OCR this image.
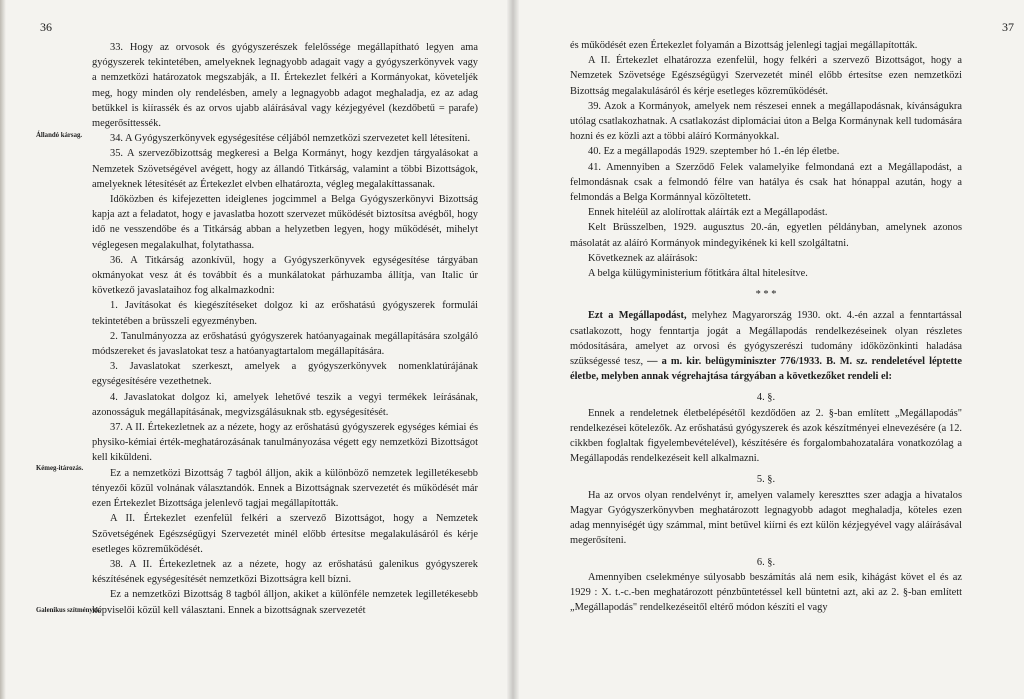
36
Állandó kársag.
Kémeg-itározás.
Galenikus szítmények.

33. Hogy az orvosok és gyógyszerészek felelőssége megállapítható legyen ama gyógyszerek tekintetében, amelyeknek legnagyobb adagait vagy a gyógyszerkönyvek vagy a nemzetközi határozatok megszabják, a II. Értekezlet felkéri a Kormányokat, követeljék meg, hogy minden oly rendelésben, amely a legnagyobb adagot meghaladja, ez az adag betűkkel is kiírassék és az orvos ujabb aláírásával vagy kézjegyével (kezdőbetű = parafe) megerősíttessék.

34. A Gyógyszerkönyvek egységesítése céljából nemzetközi szervezetet kell létesíteni.

35. A szervezőbizottság megkeresi a Belga Kormányt, hogy kezdjen tárgyalásokat a Nemzetek Szövetségével avégett, hogy az állandó Titkárság, valamint a többi Bizottságok, amelyeknek létesítését az Értekezlet elvben elhatározta, végleg megalakíttassanak.

Időközben és kifejezetten ideiglenes jogcimmel a Belga Gyógyszerkönyvi Bizottság kapja azt a feladatot, hogy e javaslatba hozott szervezet működését biztosítsa avégből, hogy idő ne vesszendőbe és a Titkárság abban a helyzetben legyen, hogy működését, mihelyt véglegesen megalakulhat, folytathassa.

36. A Titkárság azonkívül, hogy a Gyógyszerkönyvek egységesítése tárgyában okmányokat vesz át és továbbít és a munkálatokat párhuzamba állítja, van Italic úr következő javaslataihoz fog alkalmazkodni:

1. Javításokat és kiegészítéseket dolgoz ki az erőshatású gyógyszerek formulái tekintetében a brüsszeli egyezményben.

2. Tanulmányozza az erőshatású gyógyszerek hatóanyagainak megállapítására szolgáló módszereket és javaslatokat tesz a hatóanyagtartalom megállapítására.

3. Javaslatokat szerkeszt, amelyek a gyógyszerkönyvek nomenklatúrájának egységesítésére vezethetnek.

4. Javaslatokat dolgoz ki, amelyek lehetővé teszik a vegyi termékek leírásának, azonosságuk megállapításának, megvizsgálásuknak stb. egységesítését.

37. A II. Értekezletnek az a nézete, hogy az erőshatású gyógyszerek egységes kémiai és physiko-kémiai érték-meghatározásának tanulmányozása végett egy nemzetközi Bizottságot kell kiküldeni.

Ez a nemzetközi Bizottság 7 tagból álljon, akik a különböző nemzetek legilletékesebb tényezői közül volnának választandók. Ennek a Bizottságnak szervezetét és működését már ezen Értekezlet Bizottsága jelenlevő tagjai megállapították.

A II. Értekezlet ezenfelül felkéri a szervező Bizottságot, hogy a Nemzetek Szövetségének Egészségügyi Szervezetét minél előbb értesítse megalakulásáról és kérje esetleges közreműködését.

38. A II. Értekezletnek az a nézete, hogy az erőshatású galenikus gyógyszerek készítésének egységesítését nemzetközi Bizottságra kell bízni.

Ez a nemzetközi Bizottság 8 tagból álljon, akiket a különféle nemzetek legilletékesebb képviselői közül kell választani. Ennek a bizottságnak szervezetét

37

és működését ezen Értekezlet folyamán a Bizottság jelenlegi tagjai megállapították.

A II. Értekezlet elhatározza ezenfelül, hogy felkéri a szervező Bizottságot, hogy a Nemzetek Szövetsége Egészségügyi Szervezetét minél előbb értesítse ezen nemzetközi Bizottság megalakulásáról és kérje esetleges közreműködését.

39. Azok a Kormányok, amelyek nem részesei ennek a megállapodásnak, kívánságukra utólag csatlakozhatnak. A csatlakozást diplomáciai úton a Belga Kormánynak kell tudomására hozni és ez közli azt a többi aláíró Kormányokkal.

40. Ez a megállapodás 1929. szeptember hó 1.-én lép életbe.

41. Amennyiben a Szerződő Felek valamelyike felmondaná ezt a Megállapodást, a felmondásnak csak a felmondó félre van hatálya és csak hat hónappal azután, hogy a felmondás a Belga Kormánnyal közöltetett.

Ennek hiteléül az alolírottak aláírták ezt a Megállapodást.

Kelt Brüsszelben, 1929. augusztus 20.-án, egyetlen példányban, amelynek azonos másolatát az aláíró Kormányok mindegyikének ki kell szolgáltatni.

Következnek az aláírások:

A belga külügyministerium főtitkára által hitelesítve.

* * *

Ezt a Megállapodást, melyhez Magyarország 1930. okt. 4.-én azzal a fenntartással csatlakozott, hogy fenntartja jogát a Megállapodás rendelkezéseinek olyan részletes módosítására, amelyet az orvosi és gyógyszerészi tudomány időközönkinti haladása szükségessé tesz, — a m. kir. belügyminiszter 776/1933. B. M. sz. rendeletével léptette életbe, melyben annak végrehajtása tárgyában a következőket rendeli el:

4. §.

Ennek a rendeletnek életbelépésétől kezdődően az 2. §-ban említett „Megállapodás" rendelkezései kötelezők. Az erőshatású gyógyszerek és azok készítményei elnevezésére (a 12. cikkben foglaltak figyelembevételével), készítésére és forgalombahozatalára vonatkozólag a Megállapodás rendelkezéseit kell alkalmazni.

5. §.

Ha az orvos olyan rendelvényt ír, amelyen valamely kereszttes szer adagja a hivatalos Magyar Gyógyszerkönyvben meghatározott legnagyobb adagot meghaladja, köteles ezen adag mennyiségét úgy számmal, mint betűvel kiírni és ezt külön kézjegyével vagy aláírásával megerősíteni.

6. §.

Amennyiben cselekménye súlyosabb beszámítás alá nem esik, kihágást követ el és az 1929 : X. t.-c.-ben meghatározott pénzbüntetéssel kell büntetni azt, aki az 2. §-ban említett „Megállapodás" rendelkezéseitől eltérő módon készíti el vagy
